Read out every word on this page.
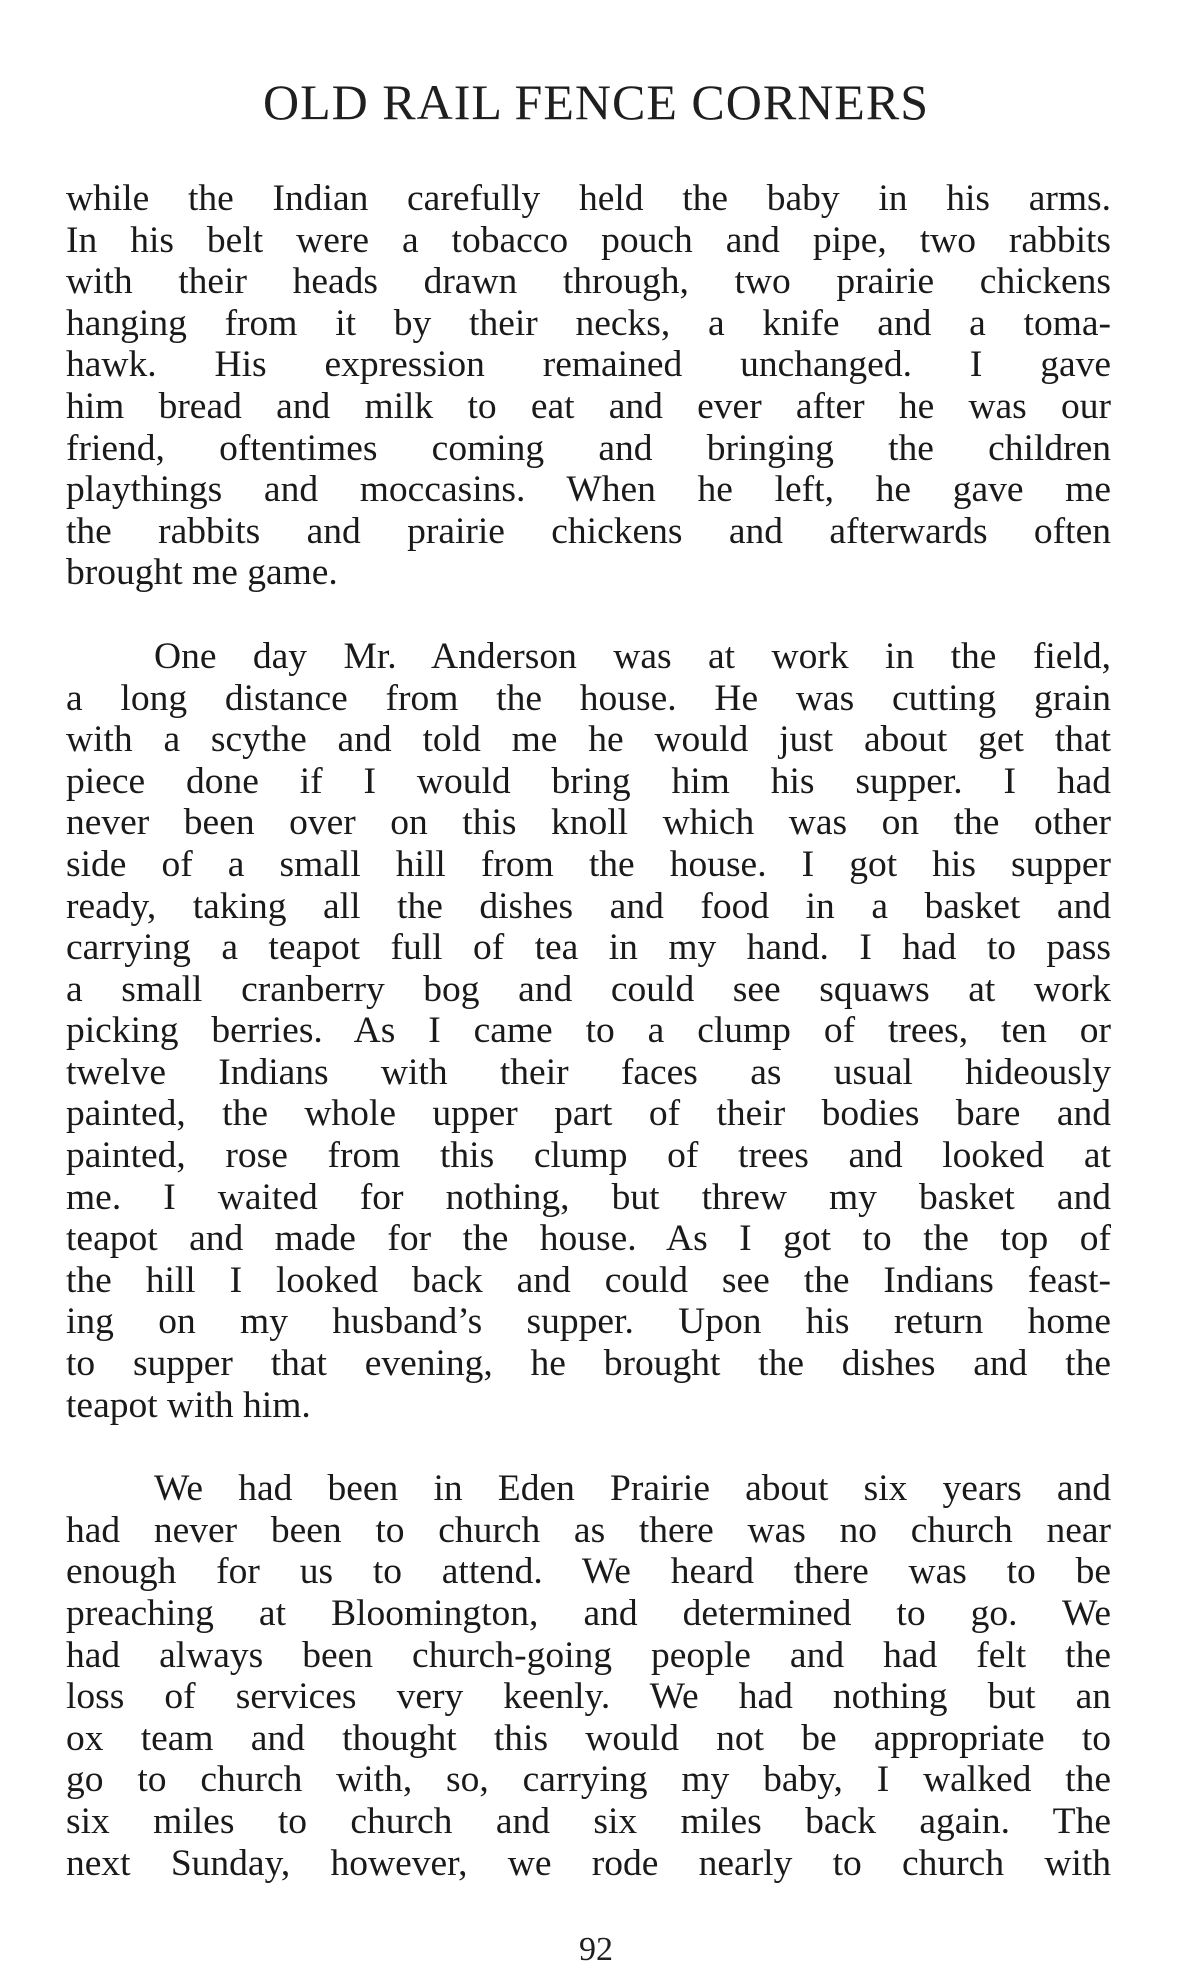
OLD RAIL FENCE CORNERS
while the Indian carefully held the baby in his arms.
In his belt were a tobacco pouch and pipe, two rabbits
with their heads drawn through, two prairie chickens
hanging from it by their necks, a knife and a toma-
hawk. His expression remained unchanged. I gave
him bread and milk to eat and ever after he was our
friend, oftentimes coming and bringing the children
playthings and moccasins. When he left, he gave me
the rabbits and prairie chickens and afterwards often
brought me game.
One day Mr. Anderson was at work in the field,
a long distance from the house. He was cutting grain
with a scythe and told me he would just about get that
piece done if I would bring him his supper. I had
never been over on this knoll which was on the other
side of a small hill from the house. I got his supper
ready, taking all the dishes and food in a basket and
carrying a teapot full of tea in my hand. I had to pass
a small cranberry bog and could see squaws at work
picking berries. As I came to a clump of trees, ten or
twelve Indians with their faces as usual hideously
painted, the whole upper part of their bodies bare and
painted, rose from this clump of trees and looked at
me. I waited for nothing, but threw my basket and
teapot and made for the house. As I got to the top of
the hill I looked back and could see the Indians feast-
ing on my husband’s supper. Upon his return home
to supper that evening, he brought the dishes and the
teapot with him.
We had been in Eden Prairie about six years and
had never been to church as there was no church near
enough for us to attend. We heard there was to be
preaching at Bloomington, and determined to go. We
had always been church-going people and had felt the
loss of services very keenly. We had nothing but an
ox team and thought this would not be appropriate to
go to church with, so, carrying my baby, I walked the
six miles to church and six miles back again. The
next Sunday, however, we rode nearly to church with
92
